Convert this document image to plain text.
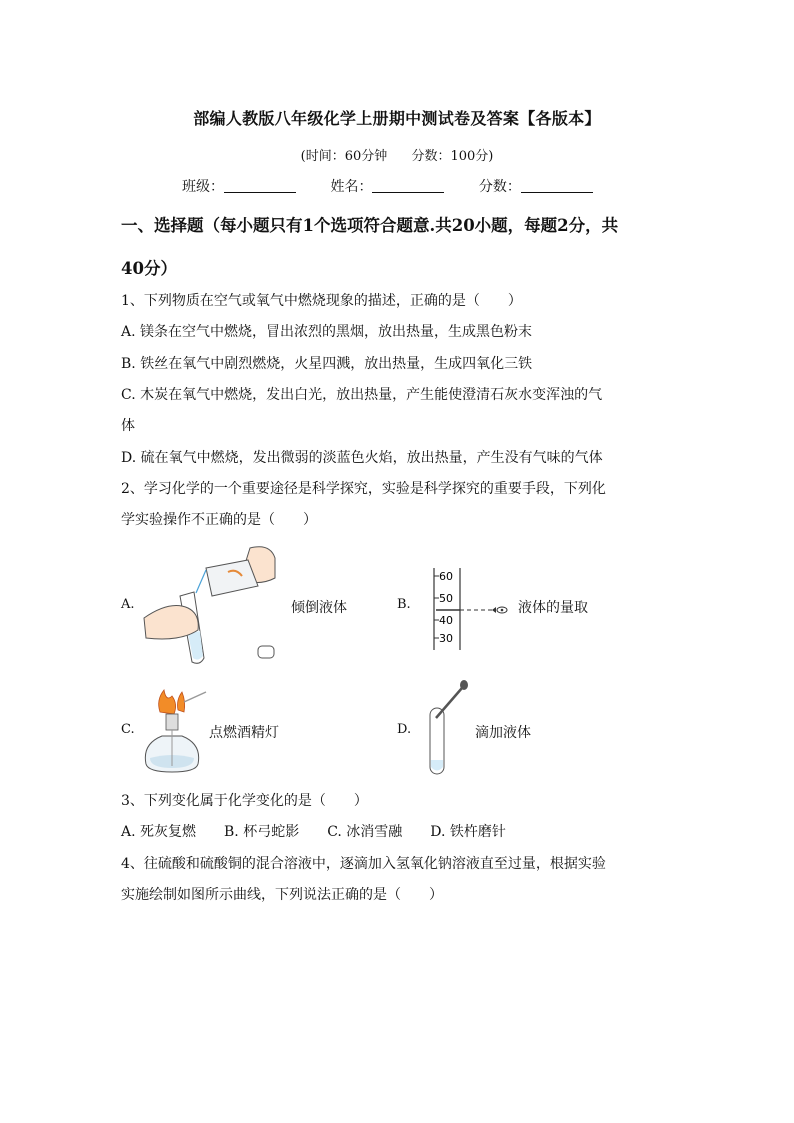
部编人教版八年级化学上册期中测试卷及答案【各版本】
(时间：60分钟 分数：100分)
班级：	姓名：	分数：
一、选择题（每小题只有1个选项符合题意.共20小题，每题2分，共
40分）
1、下列物质在空气或氧气中燃烧现象的描述，正确的是（　　）
A. 镁条在空气中燃烧，冒出浓烈的黑烟，放出热量，生成黑色粉末
B. 铁丝在氧气中剧烈燃烧，火星四溅，放出热量，生成四氧化三铁
C. 木炭在氧气中燃烧，发出白光，放出热量，产生能使澄清石灰水变浑浊的气
体
D. 硫在氧气中燃烧，发出微弱的淡蓝色火焰，放出热量，产生没有气味的气体
2、学习化学的一个重要途径是科学探究，实验是科学探究的重要手段，下列化
学实验操作不正确的是（　　）
A.	倾倒液体	B.
60
50
40
30
液体的量取
C.	点燃酒精灯	D.	滴加液体
3、下列变化属于化学变化的是（　　）
A. 死灰复燃　　B. 杯弓蛇影　　C. 冰消雪融　　D. 铁杵磨针
4、往硫酸和硫酸铜的混合溶液中，逐滴加入氢氧化钠溶液直至过量，根据实验
实施绘制如图所示曲线，下列说法正确的是（　　）
